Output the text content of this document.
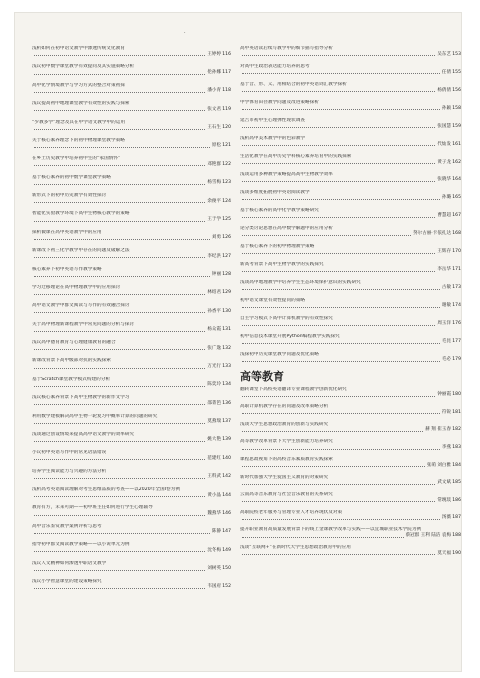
·
浅析如何在初中语文教学中渗透传统文化教育
王婷婷 116
浅议初中数学课堂教学有效提问及其实施策略分析
伦孙娜 117
高中化学情境教学与学习方式的整合对策初探
潘小青 118
浅议提高初中地理课堂教学有效性的实践与探索
张文君 119
“少教多学”理念及其在中学语文教学中的运用
王石生 120
关于核心素养理念下的初中物理课堂教学策略
原松 121
在乡土历史教学中培养初中生的“家国情怀”
邓艳群 122
基于核心素养的初中数学课堂教学策略
杨雪梅 123
新形式下的初中历史教学有效性探讨
余俊平 124
智能化实验教学环境下高中生物核心教学的策略
王于学 125
探析微课在高中英语教学中的应用
刘勇 126
新课改下初三化学教学中存在的问题及破解之法
李纪洪 127
核心素养下初中英语写作教学策略
钟丽 128
学习迁移理论在高中物理教学中的应用探讨
林绍君 129
高中语文教学中群文阅读与写作的有效融合探讨
孙香平 130
关于高中物理新课程教学中常见问题的分析与探讨
杨众霞 131
浅议高中德育教育与心理健康教育的融合
张广逸 132
新课改背景下高中级部对抗的实践探索
万光行 133
基于Scratch课堂教学模式构建的分析
陈奕玲 134
浅议核心素养背景下高中生物教学的新作文学习
邵菁笆 136
利用数学建模解决高中生物一轮复习中概率计算的问题的研究
莫燕瑞 137
浅谈通过创设情境来提高高中语文教学的效率研究
姚大艳 139
小议初中英语写作中的常见语法错误
范建红 140
培养学生阅读能力与兴趣的方法分析
王料武 142
浅析高考英语阅读理解对考生思维品质的考查——以2020年全国Ⅰ卷为例
黄小晶 144
教育有方，未来可期——初中班主任如何进行学生心理辅导
魏燕华 146
高中音乐鉴赏教学案例评析与思考
陈静 147
指导初中群文阅读教学策略——以小说单元为例
沈冬梅 149
浅议人文精神如何渗透中职语文教学
刘树英 150
浅议小学智慧课堂的建设策略探究
韦国府 152
高中英语读后续写教学中的细节描写指导分析
吴东艺 153
对高中生政治表达能力培养的思考
任倩 155
基于音、形、义、用相结合的初中英语词汇教学探析
杨倩倩 156
中学体育田径教学问题及改进策略探析
孙颖 158
延吉市初中生心理弹性现状调查
张国慧 159
浅析高中美术教学中的色彩教学
代灿发 161
生活化教学在高中历史学科核心素养培育中的实践探索
黄子龙 162
浅谈运用多种教学策略提高高中生物教学效率
张晓华 164
浅谈多维度拓展初中英语阅读教学
孙璐 165
基于核心素养的高中化学教学策略研究
曹慧超 167
论分类讨论思想在高中数学解题中的应用分析
努尔古丽·卡依扎达 168
基于核心素养下的初中物理教学策略
王辉存 170
新高考背景下高中生物学教学的实践探究
李岳华 171
浅谈高中地理教学中培养学生生态环境保护意识的实践研究
古敏 173
初中语文课堂有效性提问的策略
谢敏 174
自主学习模式下高中计算机教学的有效性探究
周玉洋 176
初中信息技术课堂开展Python编程教学实践探究
毛昆 177
浅探初中历史课堂教学问题及优化策略
毛必 179
高等教育
翻转课堂下高校英语翻译专业课程教学创新优化研究
钟丽霞 180
高职计算机教学存在的问题及改革策略分析
符锐 181
浅谈大学生思想政治教育的创新与实践研究
赫 翔 崔玉春 182
高等教学改革背景下大学生创新能力培养研究
李燕 183
课程思政视角下的高校音乐素质教育实践探索
张萌 刘白雅 184
新时代加强大学生爱国主义教育的对策研究
武文斌 185
云南高等音乐教育与社会音乐教育的关系研究
常琬琰 186
高职院校老年服务与管理专业人才培养现状及对策
汤薇 187
提升职业教育高质量发展背景下的线上金课教学改革与实践——以宜城职业技术学院为例
蔡冠群 王利 陆洁 袁梅 188
浅谈“互联网+”在新时代大学生思想政治教育中的应用
莫天福 190
